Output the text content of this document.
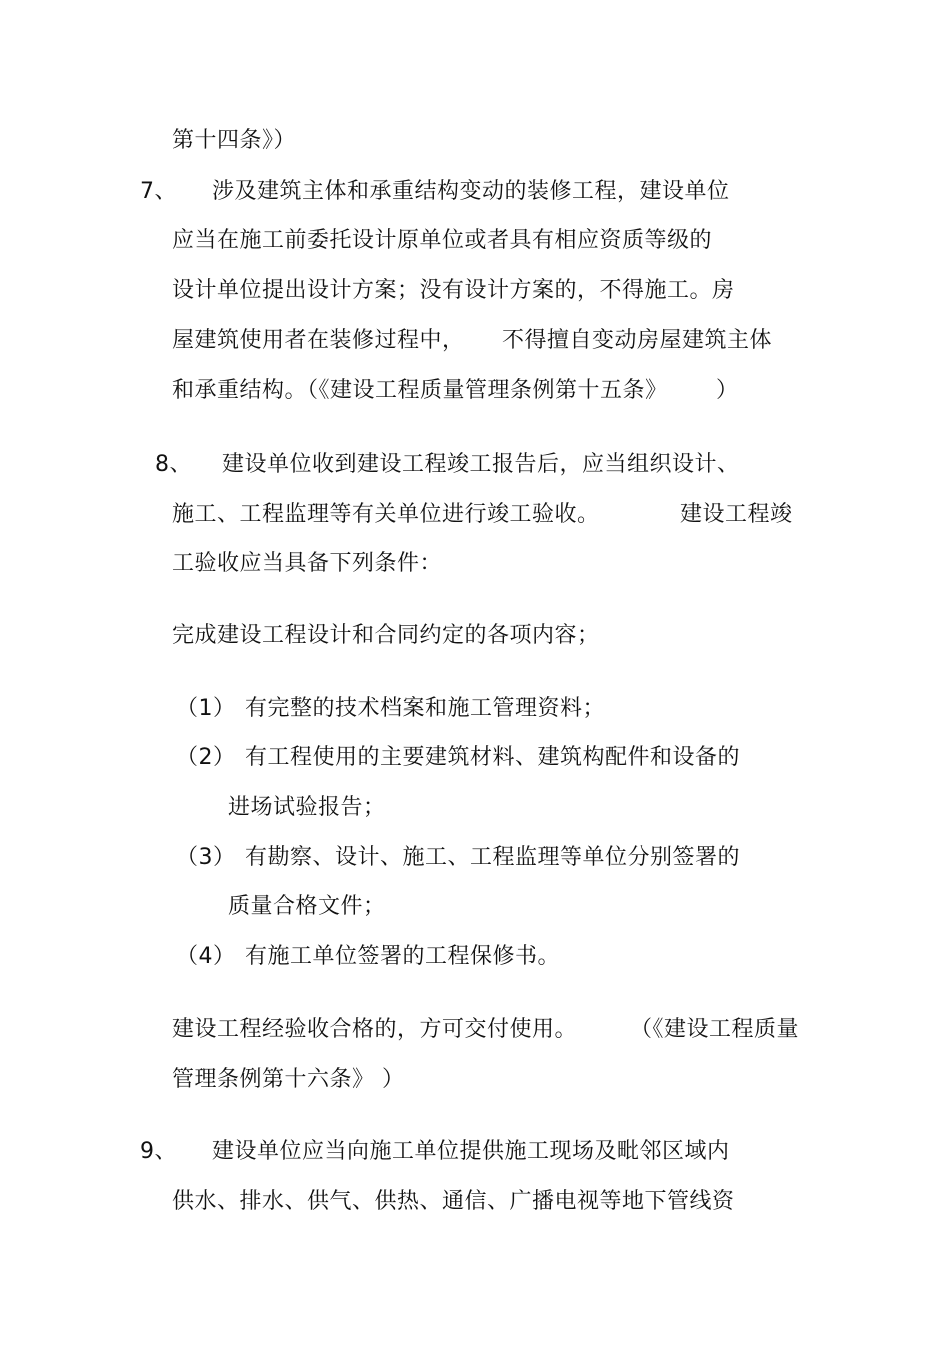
第十四条》）
7、 涉及建筑主体和承重结构变动的装修工程，建设单位
应当在施工前委托设计原单位或者具有相应资质等级的
设计单位提出设计方案；没有设计方案的，不得施工。房
屋建筑使用者在装修过程中， 不得擅自变动房屋建筑主体
和承重结构。（《建设工程质量管理条例第十五条》 ）
8、 建设单位收到建设工程竣工报告后，应当组织设计、
施工、工程监理等有关单位进行竣工验收。	建设工程竣
工验收应当具备下列条件：
完成建设工程设计和合同约定的各项内容；
（1） 有完整的技术档案和施工管理资料；
（2） 有工程使用的主要建筑材料、建筑构配件和设备的
进场试验报告；
（3） 有勘察、设计、施工、工程监理等单位分别签署的
质量合格文件；
（4） 有施工单位签署的工程保修书。
建设工程经验收合格的，方可交付使用。 （《建设工程质量
管理条例第十六条》 ）
9、 建设单位应当向施工单位提供施工现场及毗邻区域内
供水、排水、供气、供热、通信、广播电视等地下管线资
